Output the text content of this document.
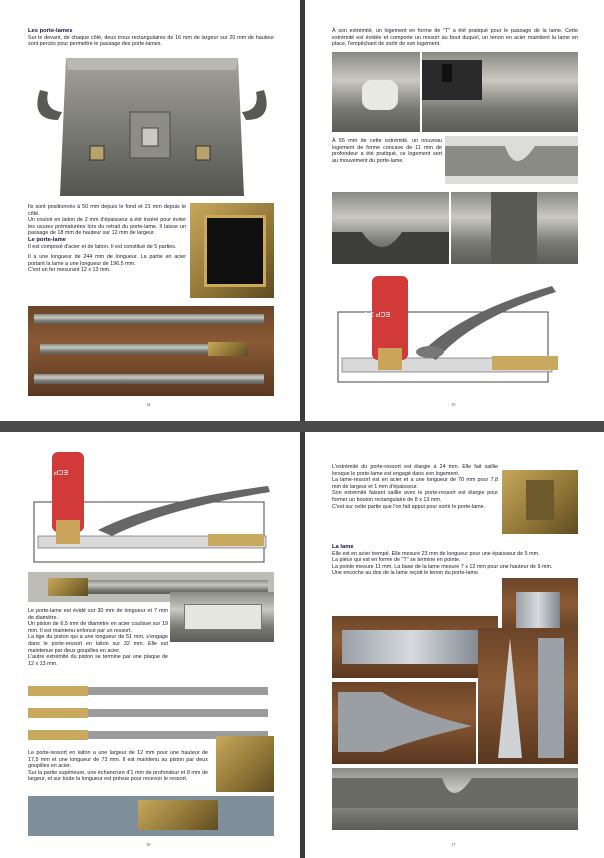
Les porte-lames
Sur le devant, de chaque côté, deux trous rectangulaires de 16 mm de largeur sur 20 mm de hauteur sont percés pour permettre le passage des porte-lames.
Ils sont positionnés à 50 mm depuis le fond et 21 mm depuis le côté.
Un couloir en laiton de 2 mm d'épaisseur a été inséré pour éviter les usures prématurées lors du retrait du porte-lame. Il laisse un passage de 18 mm de hauteur sur 12 mm de largeur.
Le porte-lame
Il est composé d'acier et de laiton. Il est constitué de 5 parties.
Il a une longueur de 244 mm de longueur. La partie en acier portant la lame a une longueur de 196,5 mm.
C'est un fer mesurant 12 x 13 mm.
14
À son extrémité, un logement en forme de "T" a été pratiqué pour le passage de la lame. Cette extrémité est évidée et comporte un ressort au bout duquel, un tenon en acier maintient la lame en place, l'empêchant de sortir de son logement.
À 55 mm de cette extrémité, un nouveau logement de forme concave de 11 mm de profondeur a été pratiqué, ce logement sert au mouvement du porte-lame.
ECP 3-5
15
ECP 3-5
Le porte-lame est évidé sur 30 mm de longueur et 7 mm de diamètre.
Un piston de 6,5 mm de diamètre en acier coulisse sur 19 mm. Il est maintenu enfoncé par un ressort.
La tige du piston qui a une longueur de 51 mm, s'engage dans le porte-ressort en laiton sur 32 mm. Elle est maintenue par deux goupilles en acier.
L'autre extrémité du piston se termine par une plaque de 12 x 13 mm.
Le porte-ressort en laiton a une largeur de 12 mm pour une hauteur de 17,5 mm et une longueur de 73 mm. Il est maintenu au piston par deux goupilles en acier.
Sur la partie supérieure, une échancrure d'1 mm de profondeur et 8 mm de largeur, et sur toute la longueur est prévue pour recevoir le ressort.
16
L'extrémité du porte-ressort est élargie à 24 mm. Elle fait saillie lorsque le porte-lame est engagé dans son logement.
La lame-ressort est en acier et a une longueur de 70 mm pour 7,8 mm de largeur et 1 mm d'épaisseur.
Son extrémité faisant saillie avec le porte-ressort est élargie pour former un bouton rectangulaire de 8 x 13 mm.
C'est sur cette partie que l'on fait appui pour sortir le porte-lame.
La lame
Elle est en acier trempé. Elle mesure 23 mm de longueur pour une épaisseur de 5 mm.
La pièce qui est en forme de "T" se termine en pointe.
La pointe mesure 11 mm. La base de la lame mesure 7 x 12 mm pour une hauteur de 9 mm.
Une encoche au dos de la lame reçoit le tenon du porte-lame.
17
